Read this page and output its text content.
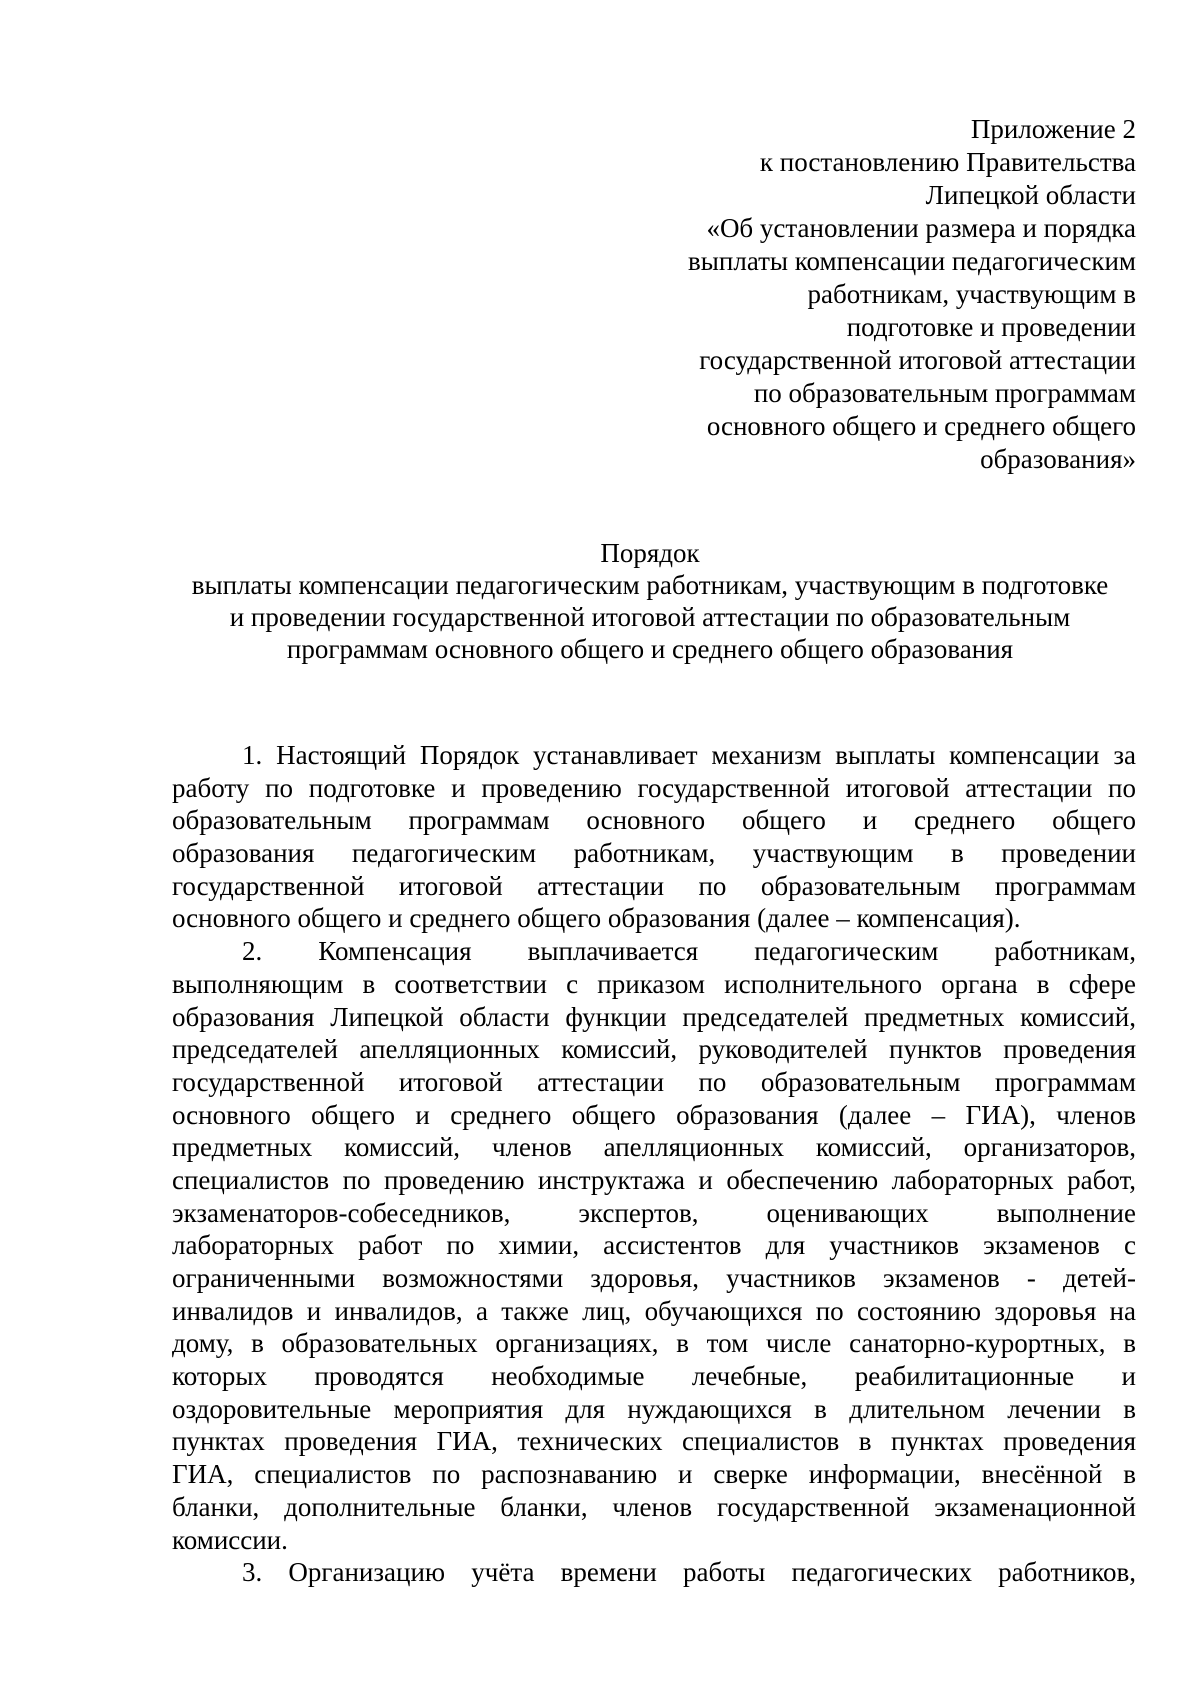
Приложение 2
к постановлению Правительства
Липецкой области
«Об установлении размера и порядка
выплаты компенсации педагогическим
работникам, участвующим в
подготовке и проведении
государственной итоговой аттестации
по образовательным программам
основного общего и среднего общего
образования»
Порядок
выплаты компенсации педагогическим работникам, участвующим в подготовке
и проведении государственной итоговой аттестации по образовательным
программам основного общего и среднего общего образования
1. Настоящий Порядок устанавливает механизм выплаты компенсации за
работу по подготовке и проведению государственной итоговой аттестации по
образовательным программам основного общего и среднего общего
образования педагогическим работникам, участвующим в проведении
государственной итоговой аттестации по образовательным программам
основного общего и среднего общего образования (далее – компенсация).
2. Компенсация выплачивается педагогическим работникам,
выполняющим в соответствии с приказом исполнительного органа в сфере
образования Липецкой области функции председателей предметных комиссий,
председателей апелляционных комиссий, руководителей пунктов проведения
государственной итоговой аттестации по образовательным программам
основного общего и среднего общего образования (далее – ГИА), членов
предметных комиссий, членов апелляционных комиссий, организаторов,
специалистов по проведению инструктажа и обеспечению лабораторных работ,
экзаменаторов-собеседников, экспертов, оценивающих выполнение
лабораторных работ по химии, ассистентов для участников экзаменов с
ограниченными возможностями здоровья, участников экзаменов - детей-
инвалидов и инвалидов, а также лиц, обучающихся по состоянию здоровья на
дому, в образовательных организациях, в том числе санаторно-курортных, в
которых проводятся необходимые лечебные, реабилитационные и
оздоровительные мероприятия для нуждающихся в длительном лечении в
пунктах проведения ГИА, технических специалистов в пунктах проведения
ГИА, специалистов по распознаванию и сверке информации, внесённой в
бланки, дополнительные бланки, членов государственной экзаменационной
комиссии.
3. Организацию учёта времени работы педагогических работников,
